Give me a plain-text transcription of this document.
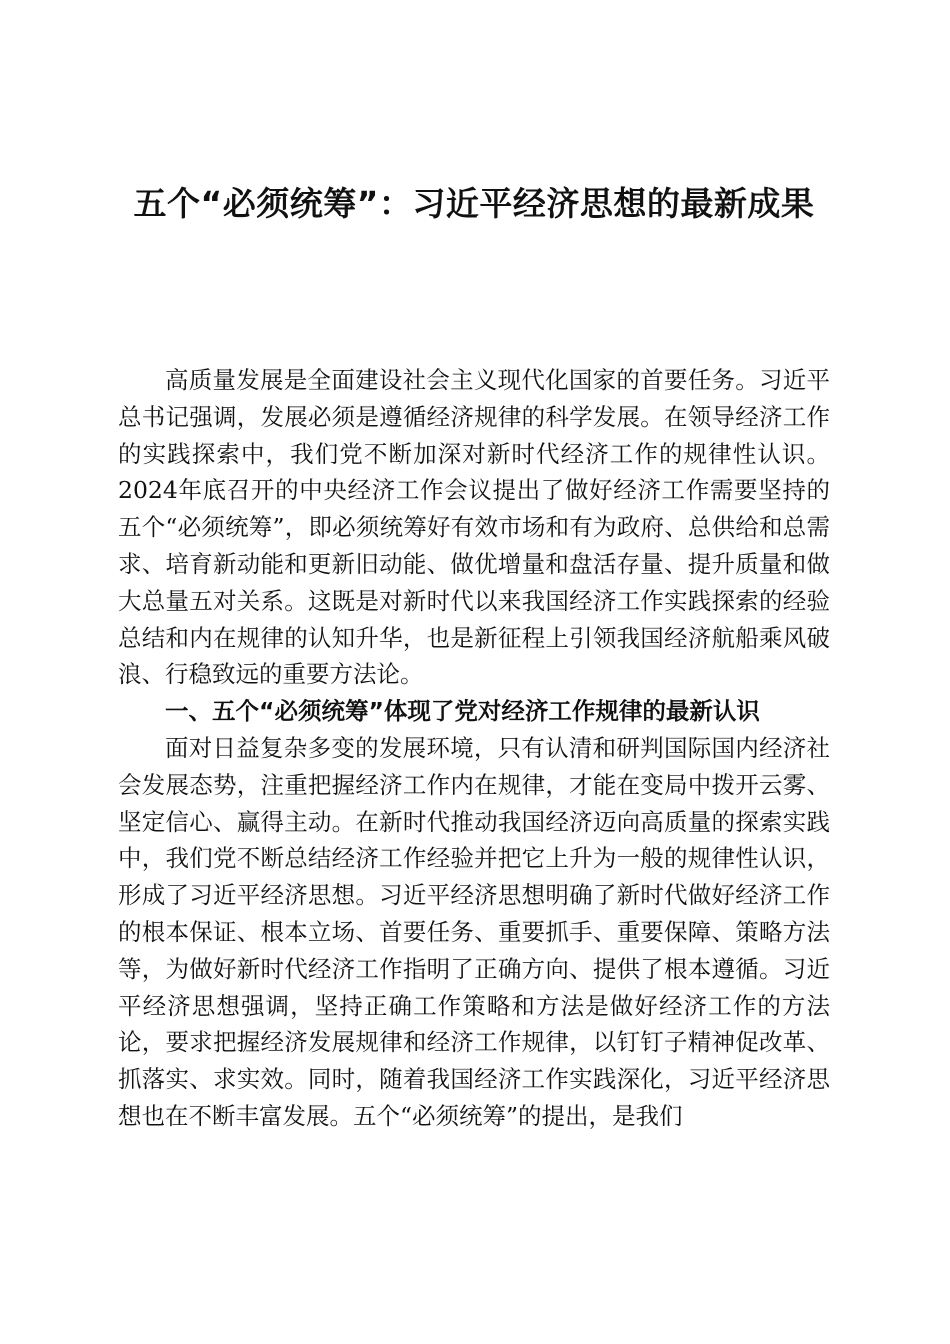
五个“必须统筹”：习近平经济思想的最新成果

高质量发展是全面建设社会主义现代化国家的首要任务。习近平总书记强调，发展必须是遵循经济规律的科学发展。在领导经济工作的实践探索中，我们党不断加深对新时代经济工作的规律性认识。2024年底召开的中央经济工作会议提出了做好经济工作需要坚持的五个“必须统筹”，即必须统筹好有效市场和有为政府、总供给和总需求、培育新动能和更新旧动能、做优增量和盘活存量、提升质量和做大总量五对关系。这既是对新时代以来我国经济工作实践探索的经验总结和内在规律的认知升华，也是新征程上引领我国经济航船乘风破浪、行稳致远的重要方法论。

一、五个“必须统筹”体现了党对经济工作规律的最新认识

面对日益复杂多变的发展环境，只有认清和研判国际国内经济社会发展态势，注重把握经济工作内在规律，才能在变局中拨开云雾、坚定信心、赢得主动。在新时代推动我国经济迈向高质量的探索实践中，我们党不断总结经济工作经验并把它上升为一般的规律性认识，形成了习近平经济思想。习近平经济思想明确了新时代做好经济工作的根本保证、根本立场、首要任务、重要抓手、重要保障、策略方法等，为做好新时代经济工作指明了正确方向、提供了根本遵循。习近平经济思想强调，坚持正确工作策略和方法是做好经济工作的方法论，要求把握经济发展规律和经济工作规律，以钉钉子精神促改革、抓落实、求实效。同时，随着我国经济工作实践深化，习近平经济思想也在不断丰富发展。五个“必须统筹”的提出，是我们
